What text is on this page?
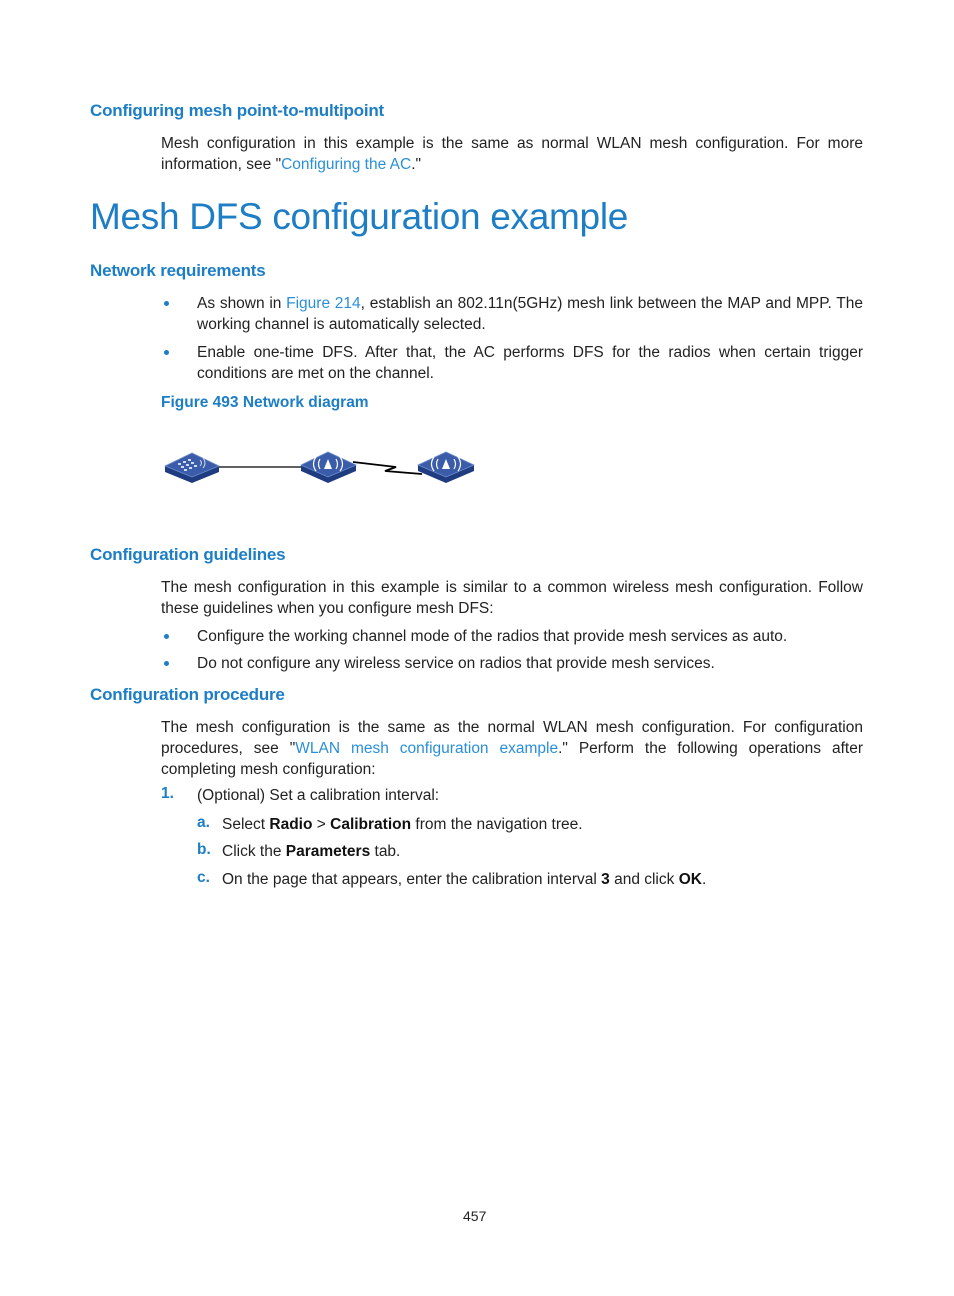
Configuring mesh point-to-multipoint
Mesh configuration in this example is the same as normal WLAN mesh configuration. For more information, see "Configuring the AC."
Mesh DFS configuration example
Network requirements
As shown in Figure 214, establish an 802.11n(5GHz) mesh link between the MAP and MPP. The working channel is automatically selected.
Enable one-time DFS. After that, the AC performs DFS for the radios when certain trigger conditions are met on the channel.
Figure 493 Network diagram
Configuration guidelines
The mesh configuration in this example is similar to a common wireless mesh configuration. Follow these guidelines when you configure mesh DFS:
Configure the working channel mode of the radios that provide mesh services as auto.
Do not configure any wireless service on radios that provide mesh services.
Configuration procedure
The mesh configuration is the same as the normal WLAN mesh configuration. For configuration procedures, see "WLAN mesh configuration example." Perform the following operations after completing mesh configuration:
1. (Optional) Set a calibration interval:
a. Select Radio > Calibration from the navigation tree.
b. Click the Parameters tab.
c. On the page that appears, enter the calibration interval 3 and click OK.
457
